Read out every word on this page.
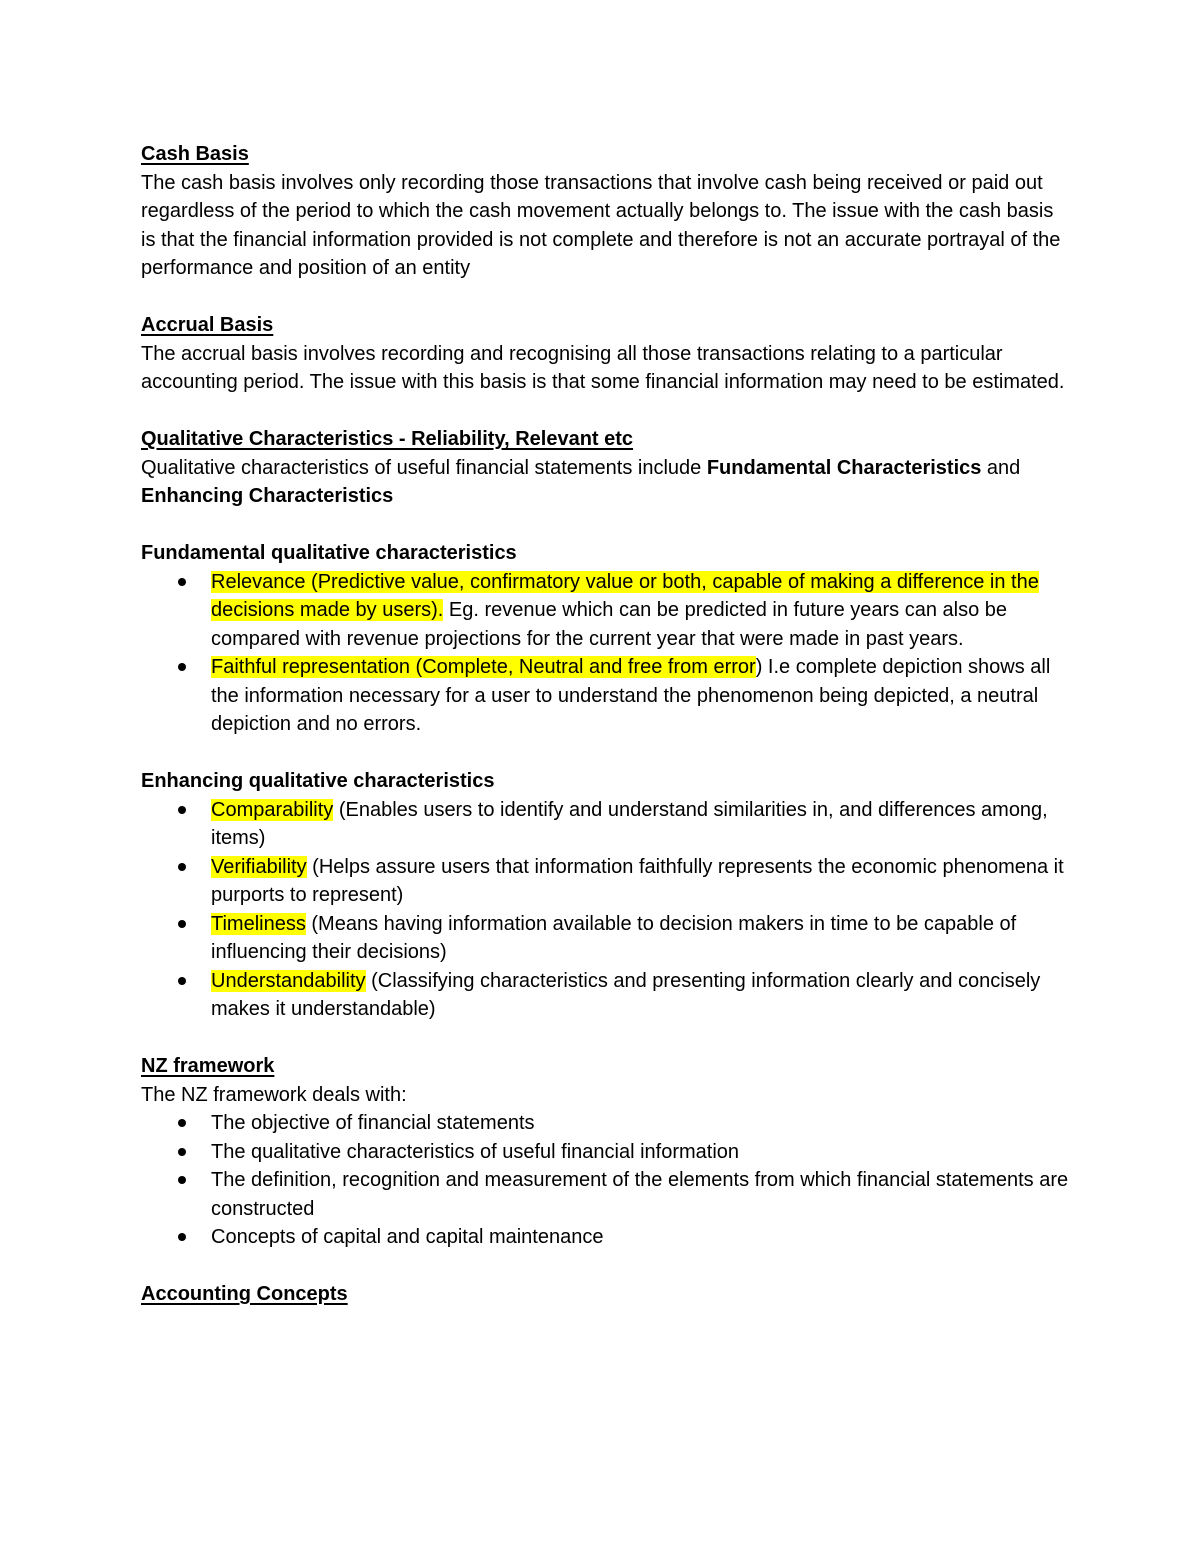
Cash Basis

The cash basis involves only recording those transactions that involve cash being received or paid out regardless of the period to which the cash movement actually belongs to. The issue with the cash basis is that the financial information provided is not complete and therefore is not an accurate portrayal of the performance and position of an entity

Accrual Basis

The accrual basis involves recording and recognising all those transactions relating to a particular accounting period. The issue with this basis is that some financial information may need to be estimated.

Qualitative Characteristics - Reliability, Relevant etc

Qualitative characteristics of useful financial statements include Fundamental Characteristics and Enhancing Characteristics

Fundamental qualitative characteristics
Relevance (Predictive value, confirmatory value or both, capable of making a difference in the decisions made by users). Eg. revenue which can be predicted in future years can also be compared with revenue projections for the current year that were made in past years.
Faithful representation (Complete, Neutral and free from error) I.e complete depiction shows all the information necessary for a user to understand the phenomenon being depicted, a neutral depiction and no errors.
Enhancing qualitative characteristics
Comparability (Enables users to identify and understand similarities in, and differences among, items)
Verifiability (Helps assure users that information faithfully represents the economic phenomena it purports to represent)
Timeliness (Means having information available to decision makers in time to be capable of influencing their decisions)
Understandability (Classifying characteristics and presenting information clearly and concisely makes it understandable)
NZ framework

The NZ framework deals with:

The objective of financial statements
The qualitative characteristics of useful financial information
The definition, recognition and measurement of the elements from which financial statements are constructed
Concepts of capital and capital maintenance
Accounting Concepts
